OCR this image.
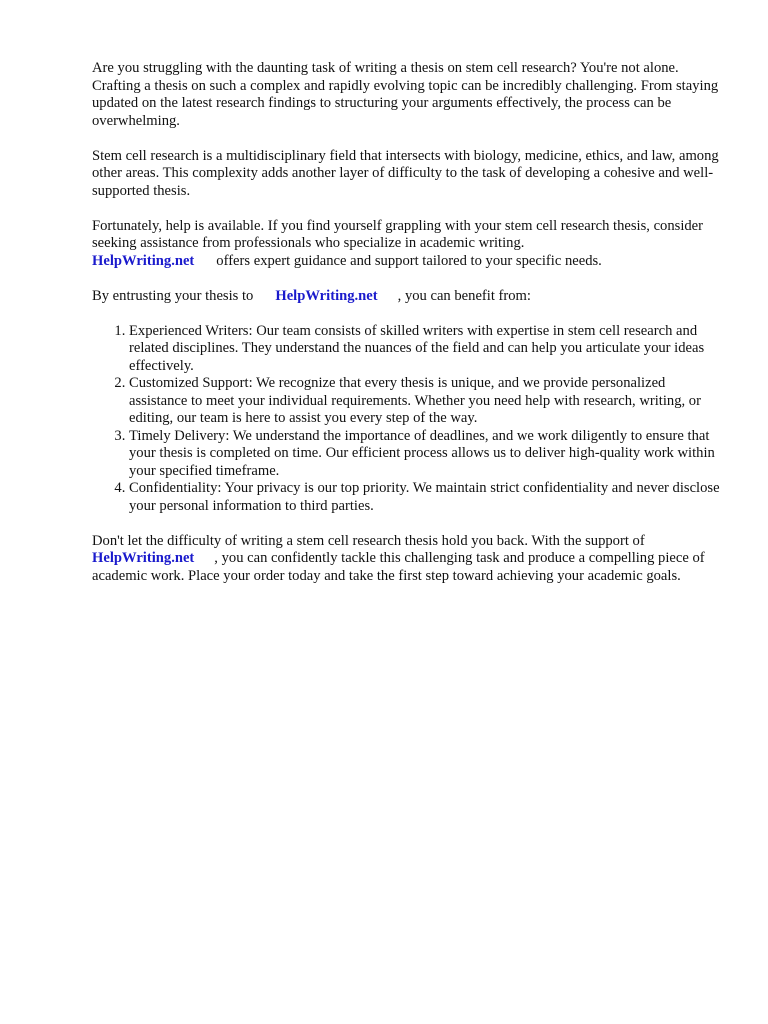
Are you struggling with the daunting task of writing a thesis on stem cell research? You're not alone. Crafting a thesis on such a complex and rapidly evolving topic can be incredibly challenging. From staying updated on the latest research findings to structuring your arguments effectively, the process can be overwhelming.

Stem cell research is a multidisciplinary field that intersects with biology, medicine, ethics, and law, among other areas. This complexity adds another layer of difficulty to the task of developing a cohesive and well-supported thesis.

Fortunately, help is available. If you find yourself grappling with your stem cell research thesis, consider seeking assistance from professionals who specialize in academic writing.
HelpWriting.net offers expert guidance and support tailored to your specific needs.

By entrusting your thesis to HelpWriting.net , you can benefit from:

1. Experienced Writers: Our team consists of skilled writers with expertise in stem cell research and related disciplines. They understand the nuances of the field and can help you articulate your ideas effectively.
2. Customized Support: We recognize that every thesis is unique, and we provide personalized assistance to meet your individual requirements. Whether you need help with research, writing, or editing, our team is here to assist you every step of the way.
3. Timely Delivery: We understand the importance of deadlines, and we work diligently to ensure that your thesis is completed on time. Our efficient process allows us to deliver high-quality work within your specified timeframe.
4. Confidentiality: Your privacy is our top priority. We maintain strict confidentiality and never disclose your personal information to third parties.

Don't let the difficulty of writing a stem cell research thesis hold you back. With the support of
HelpWriting.net , you can confidently tackle this challenging task and produce a compelling piece of academic work. Place your order today and take the first step toward achieving your academic goals.
